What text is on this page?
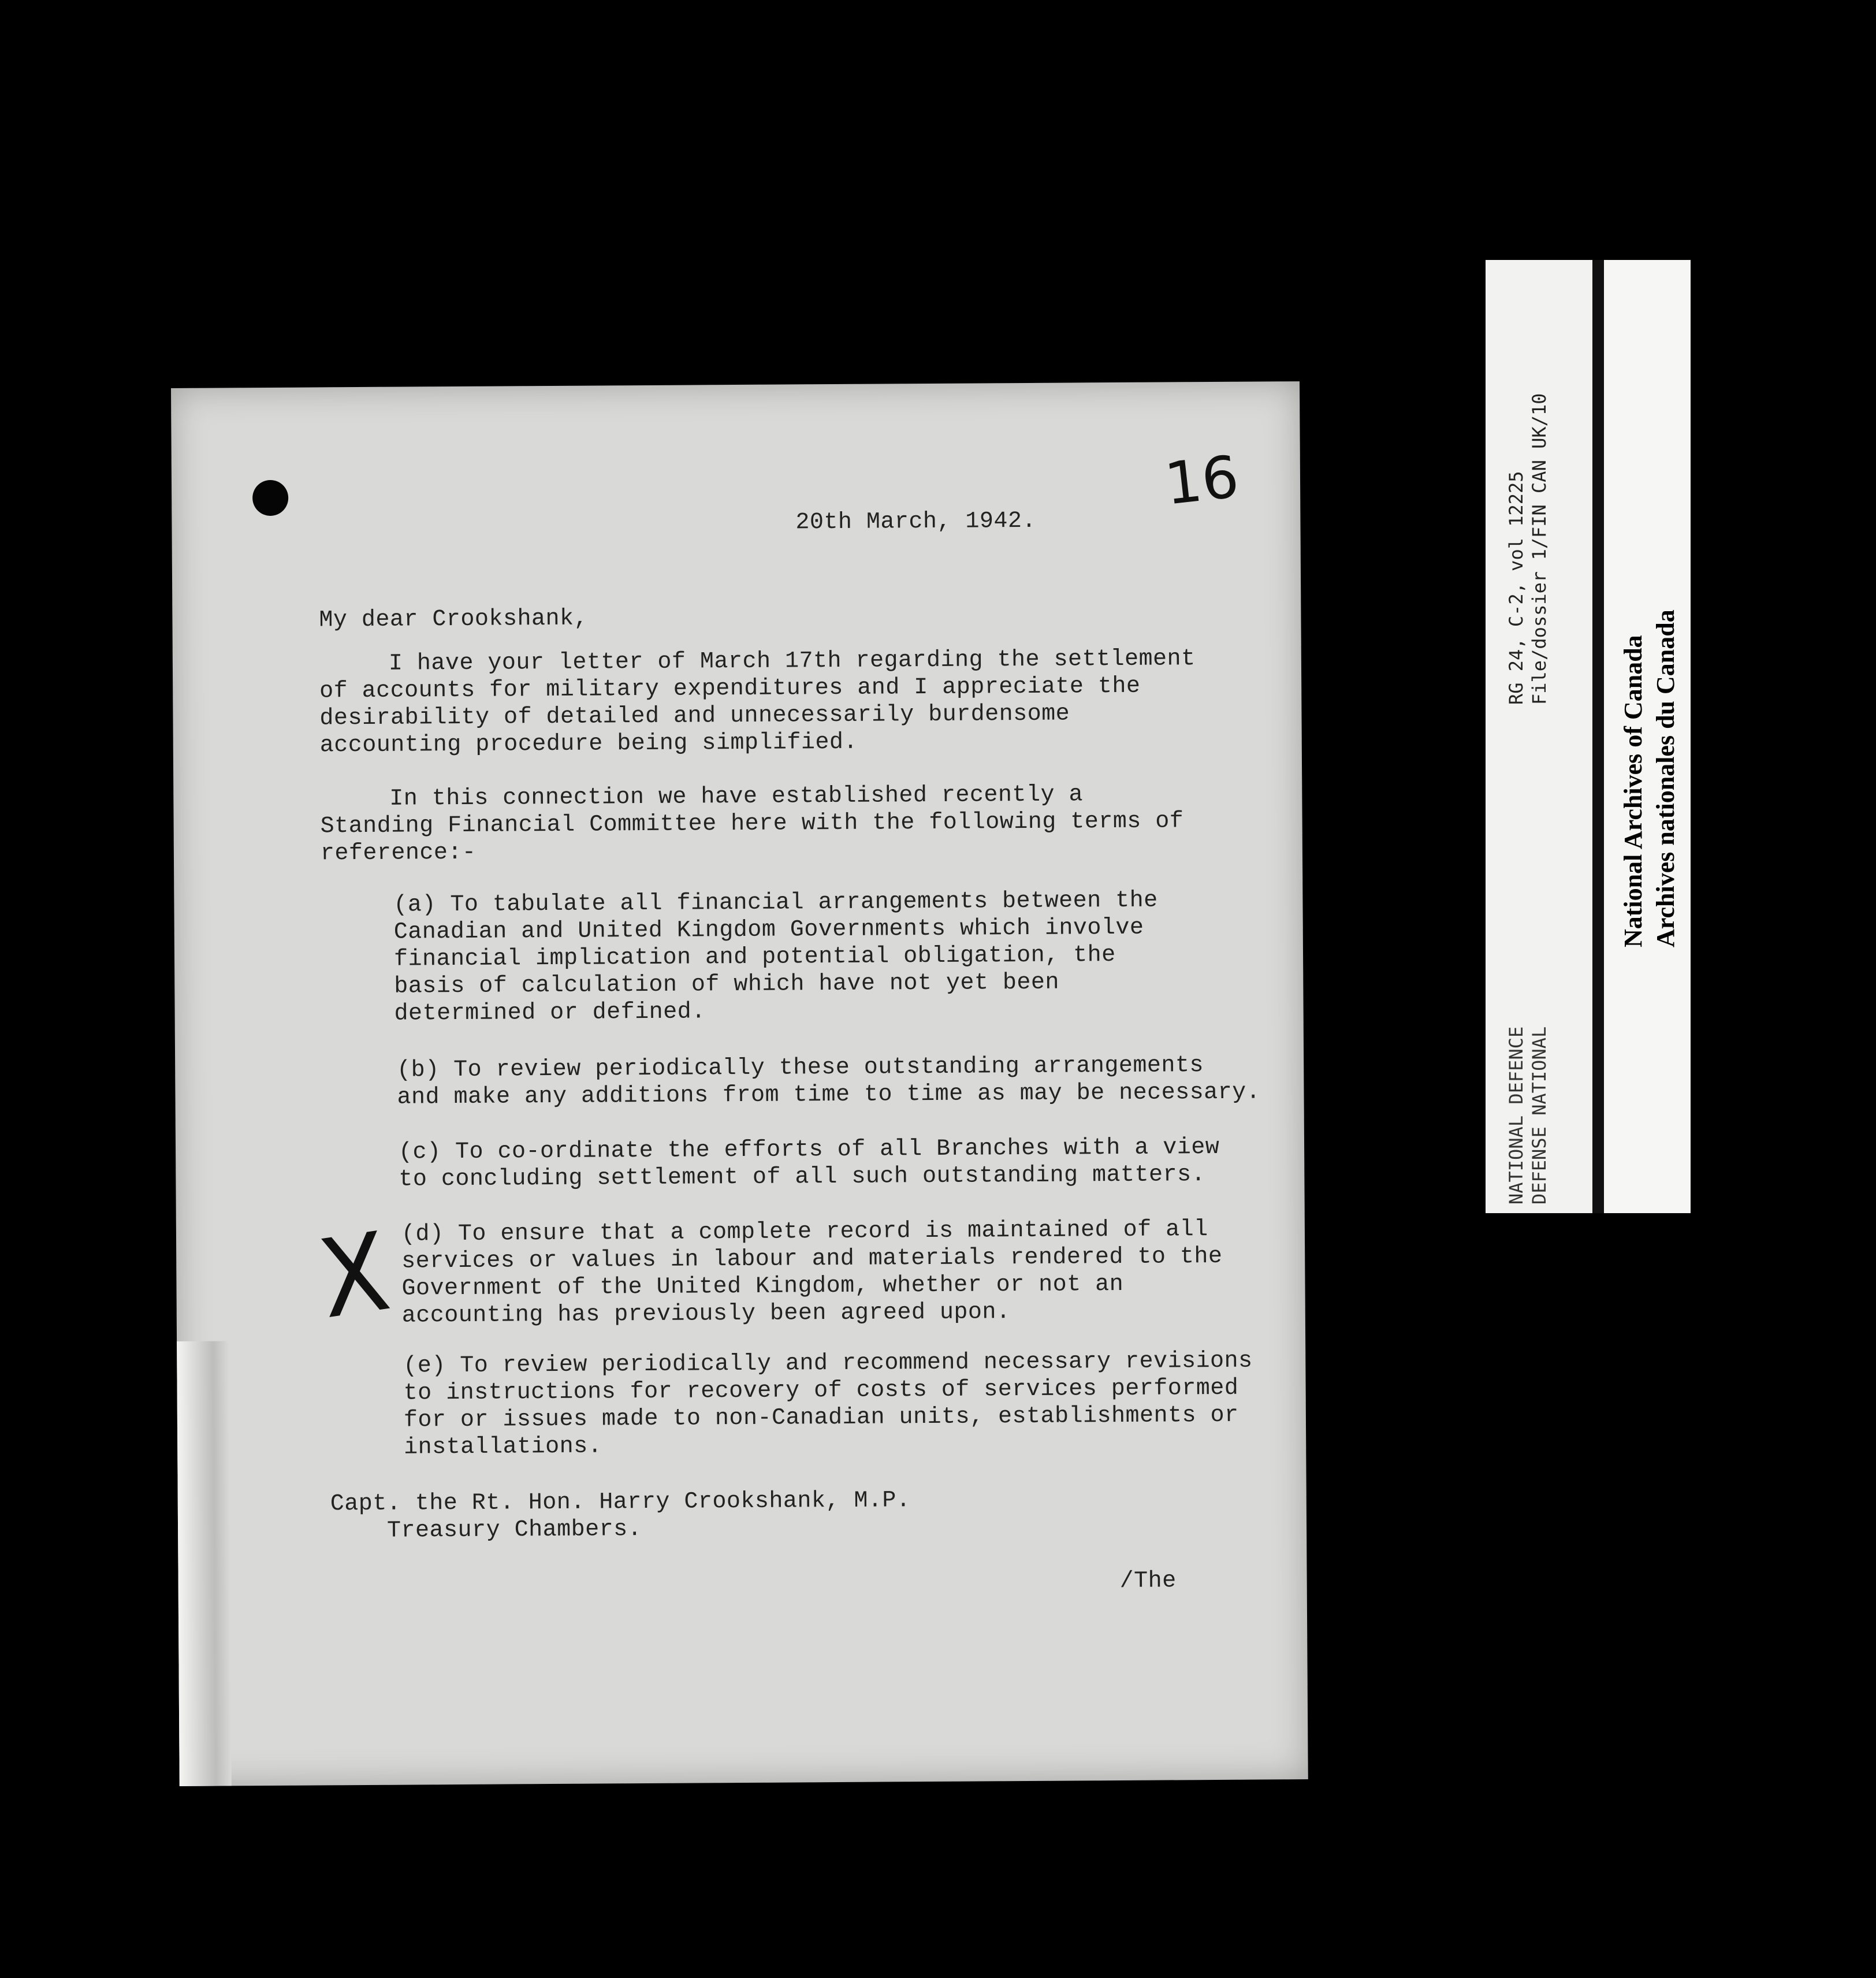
16
20th March, 1942.
My dear Crookshank,
I have your letter of March 17th regarding the settlement
of accounts for military expenditures and I appreciate the
desirability of detailed and unnecessarily burdensome
accounting procedure being simplified.
In this connection we have established recently a
Standing Financial Committee here with the following terms of
reference:-
(a) To tabulate all financial arrangements between the
Canadian and United Kingdom Governments which involve
financial implication and potential obligation, the
basis of calculation of which have not yet been
determined or defined.
(b) To review periodically these outstanding arrangements
and make any additions from time to time as may be necessary.
(c) To co-ordinate the efforts of all Branches with a view
to concluding settlement of all such outstanding matters.
X (d) To ensure that a complete record is maintained of all
services or values in labour and materials rendered to the
Government of the United Kingdom, whether or not an
accounting has previously been agreed upon.
(e) To review periodically and recommend necessary revisions
to instructions for recovery of costs of services performed
for or issues made to non-Canadian units, establishments or
installations.
Capt. the Rt. Hon. Harry Crookshank, M.P.
Treasury Chambers.
/The
RG 24, C-2, vol 12225
File/dossier 1/FIN CAN UK/10
NATIONAL DEFENCE
DEFENSE NATIONAL
National Archives of Canada Archives nationales du Canada
